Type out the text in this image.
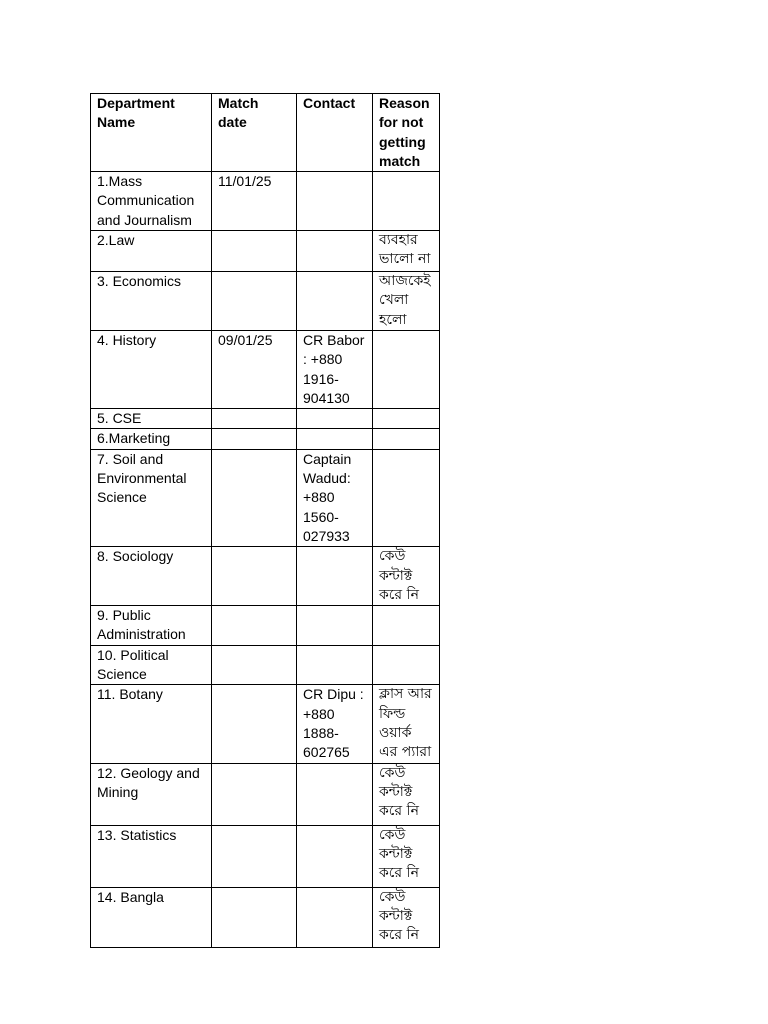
Department Name	Match date	Contact	Reason for not getting match
1.Mass Communication and Journalism	11/01/25		
2.Law			ব্যবহার ভালো না
3. Economics			আজকেই খেলা হলো
4. History	09/01/25	CR Babor : +880 1916-904130	
5. CSE			
6.Marketing			
7. Soil and Environmental Science		Captain Wadud: +880 1560-027933	
8. Sociology			কেউ কন্টাক্ট করে নি
9. Public Administration			
10. Political Science			
11. Botany		CR Dipu : +880 1888-602765	ক্লাস আর ফিল্ড ওয়ার্ক এর প্যারা
12. Geology and Mining			কেউ কন্টাক্ট করে নি
13. Statistics			কেউ কন্টাক্ট করে নি
14. Bangla			কেউ কন্টাক্ট করে নি
